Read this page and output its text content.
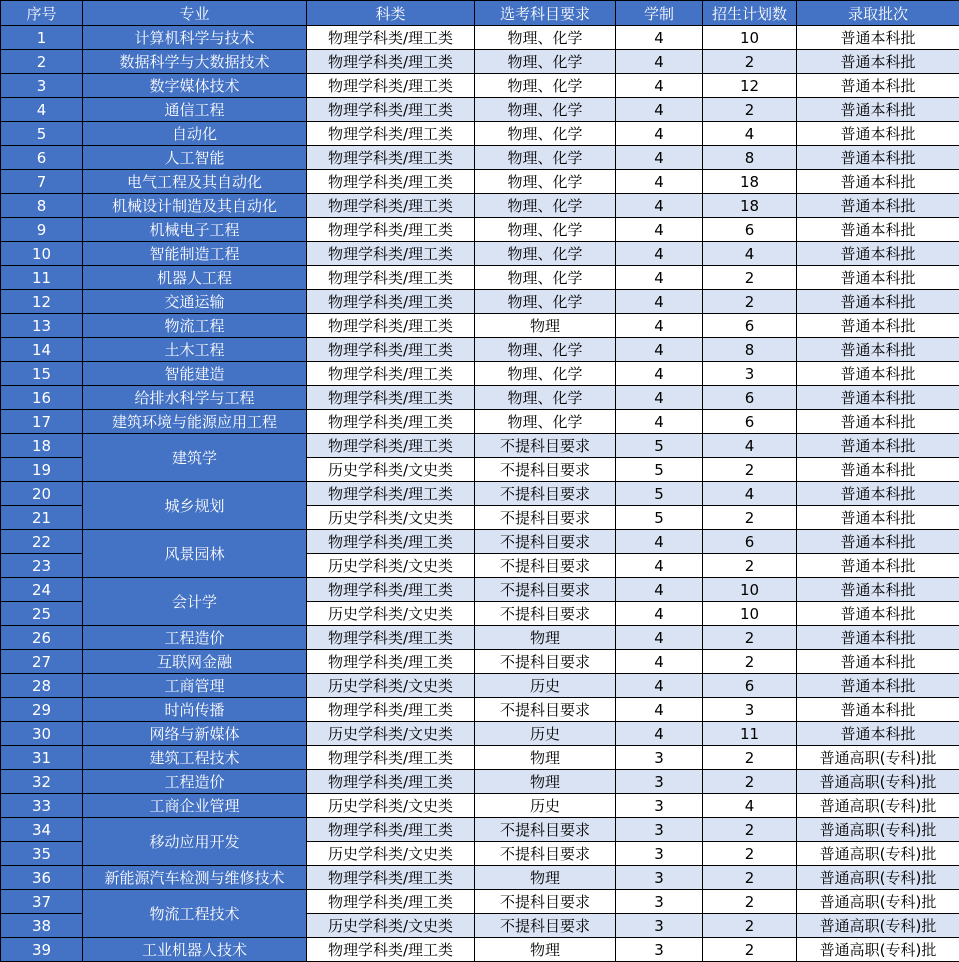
序号	专业	科类	选考科目要求	学制	招生计划数	录取批次
1	计算机科学与技术	物理学科类/理工类	物理、化学	4	10	普通本科批
2	数据科学与大数据技术	物理学科类/理工类	物理、化学	4	2	普通本科批
3	数字媒体技术	物理学科类/理工类	物理、化学	4	12	普通本科批
4	通信工程	物理学科类/理工类	物理、化学	4	2	普通本科批
5	自动化	物理学科类/理工类	物理、化学	4	4	普通本科批
6	人工智能	物理学科类/理工类	物理、化学	4	8	普通本科批
7	电气工程及其自动化	物理学科类/理工类	物理、化学	4	18	普通本科批
8	机械设计制造及其自动化	物理学科类/理工类	物理、化学	4	18	普通本科批
9	机械电子工程	物理学科类/理工类	物理、化学	4	6	普通本科批
10	智能制造工程	物理学科类/理工类	物理、化学	4	4	普通本科批
11	机器人工程	物理学科类/理工类	物理、化学	4	2	普通本科批
12	交通运输	物理学科类/理工类	物理、化学	4	2	普通本科批
13	物流工程	物理学科类/理工类	物理	4	6	普通本科批
14	土木工程	物理学科类/理工类	物理、化学	4	8	普通本科批
15	智能建造	物理学科类/理工类	物理、化学	4	3	普通本科批
16	给排水科学与工程	物理学科类/理工类	物理、化学	4	6	普通本科批
17	建筑环境与能源应用工程	物理学科类/理工类	物理、化学	4	6	普通本科批
18	建筑学	物理学科类/理工类	不提科目要求	5	4	普通本科批
19		历史学科类/文史类	不提科目要求	5	2	普通本科批
20	城乡规划	物理学科类/理工类	不提科目要求	5	4	普通本科批
21		历史学科类/文史类	不提科目要求	5	2	普通本科批
22	风景园林	物理学科类/理工类	不提科目要求	4	6	普通本科批
23		历史学科类/文史类	不提科目要求	4	2	普通本科批
24	会计学	物理学科类/理工类	不提科目要求	4	10	普通本科批
25		历史学科类/文史类	不提科目要求	4	10	普通本科批
26	工程造价	物理学科类/理工类	物理	4	2	普通本科批
27	互联网金融	物理学科类/理工类	不提科目要求	4	2	普通本科批
28	工商管理	历史学科类/文史类	历史	4	6	普通本科批
29	时尚传播	物理学科类/理工类	不提科目要求	4	3	普通本科批
30	网络与新媒体	历史学科类/文史类	历史	4	11	普通本科批
31	建筑工程技术	物理学科类/理工类	物理	3	2	普通高职(专科)批
32	工程造价	物理学科类/理工类	物理	3	2	普通高职(专科)批
33	工商企业管理	历史学科类/文史类	历史	3	4	普通高职(专科)批
34	移动应用开发	物理学科类/理工类	不提科目要求	3	2	普通高职(专科)批
35		历史学科类/文史类	不提科目要求	3	2	普通高职(专科)批
36	新能源汽车检测与维修技术	物理学科类/理工类	物理	3	2	普通高职(专科)批
37	物流工程技术	物理学科类/理工类	不提科目要求	3	2	普通高职(专科)批
38		历史学科类/文史类	不提科目要求	3	2	普通高职(专科)批
39	工业机器人技术	物理学科类/理工类	物理	3	2	普通高职(专科)批
